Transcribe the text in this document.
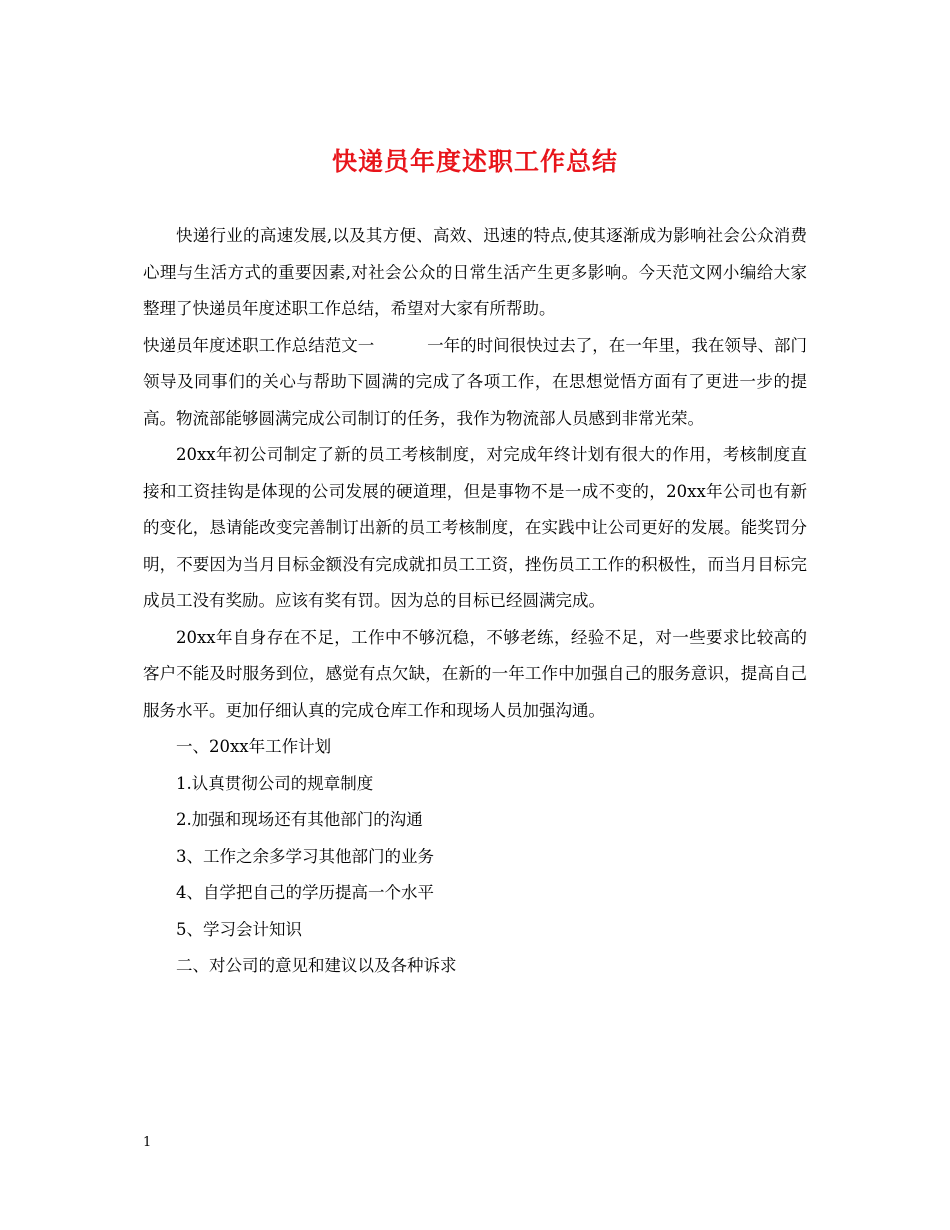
快递员年度述职工作总结

快递行业的高速发展,以及其方便、高效、迅速的特点,使其逐渐成为影响社会公众消费心理与生活方式的重要因素,对社会公众的日常生活产生更多影响。今天范文网小编给大家整理了快递员年度述职工作总结，希望对大家有所帮助。

快递员年度述职工作总结范文一	一年的时间很快过去了，在一年里，我在领导、部门领导及同事们的关心与帮助下圆满的完成了各项工作，在思想觉悟方面有了更进一步的提高。物流部能够圆满完成公司制订的任务，我作为物流部人员感到非常光荣。

20xx年初公司制定了新的员工考核制度，对完成年终计划有很大的作用，考核制度直接和工资挂钩是体现的公司发展的硬道理，但是事物不是一成不变的，20xx年公司也有新的变化，恳请能改变完善制订出新的员工考核制度，在实践中让公司更好的发展。能奖罚分明，不要因为当月目标金额没有完成就扣员工工资，挫伤员工工作的积极性，而当月目标完成员工没有奖励。应该有奖有罚。因为总的目标已经圆满完成。

20xx年自身存在不足，工作中不够沉稳，不够老练，经验不足，对一些要求比较高的客户不能及时服务到位，感觉有点欠缺，在新的一年工作中加强自己的服务意识，提高自己服务水平。更加仔细认真的完成仓库工作和现场人员加强沟通。

一、20xx年工作计划

1.认真贯彻公司的规章制度

2.加强和现场还有其他部门的沟通

3、工作之余多学习其他部门的业务

4、自学把自己的学历提高一个水平

5、学习会计知识

二、对公司的意见和建议以及各种诉求

1
